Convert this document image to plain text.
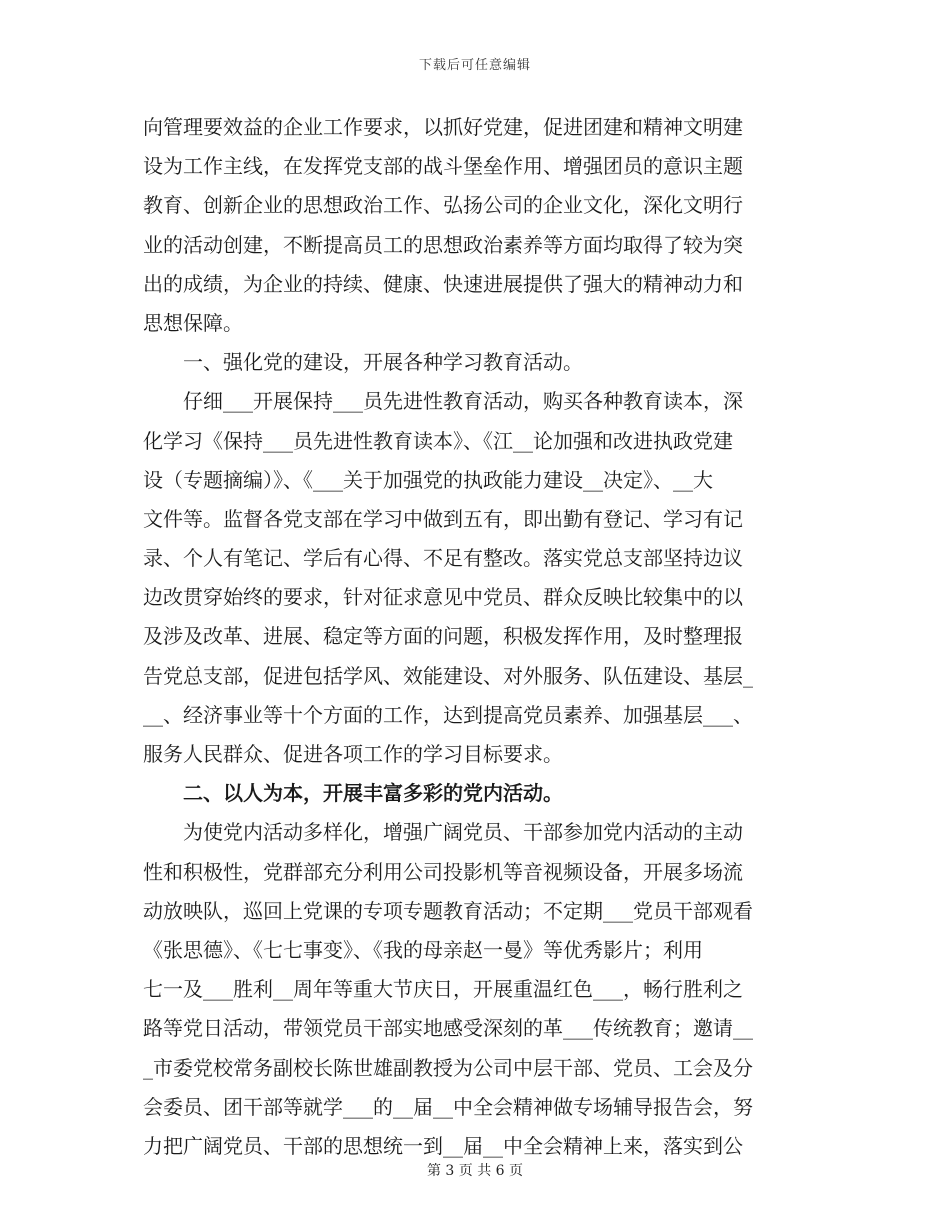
下载后可任意编辑
向管理要效益的企业工作要求，以抓好党建，促进团建和精神文明建
设为工作主线，在发挥党支部的战斗堡垒作用、增强团员的意识主题
教育、创新企业的思想政治工作、弘扬公司的企业文化，深化文明行
业的活动创建，不断提高员工的思想政治素养等方面均取得了较为突
出的成绩，为企业的持续、健康、快速进展提供了强大的精神动力和
思想保障。
　　一、强化党的建设，开展各种学习教育活动。
　　仔细___开展保持___员先进性教育活动，购买各种教育读本，深
化学习《保持___员先进性教育读本》、《江__论加强和改进执政党建
设（专题摘编）》、《___关于加强党的执政能力建设__决定》、__大
文件等。监督各党支部在学习中做到五有，即出勤有登记、学习有记
录、个人有笔记、学后有心得、不足有整改。落实党总支部坚持边议
边改贯穿始终的要求，针对征求意见中党员、群众反映比较集中的以
及涉及改革、进展、稳定等方面的问题，积极发挥作用，及时整理报
告党总支部，促进包括学风、效能建设、对外服务、队伍建设、基层_
__、经济事业等十个方面的工作，达到提高党员素养、加强基层___、
服务人民群众、促进各项工作的学习目标要求。
　　二、以人为本，开展丰富多彩的党内活动。
　　为使党内活动多样化，增强广阔党员、干部参加党内活动的主动
性和积极性，党群部充分利用公司投影机等音视频设备，开展多场流
动放映队，巡回上党课的专项专题教育活动；不定期___党员干部观看
《张思德》、《七七事变》、《我的母亲赵一曼》等优秀影片；利用
七一及___胜利__周年等重大节庆日，开展重温红色___，畅行胜利之
路等党日活动，带领党员干部实地感受深刻的革___传统教育；邀请__
_市委党校常务副校长陈世雄副教授为公司中层干部、党员、工会及分
会委员、团干部等就学___的__届__中全会精神做专场辅导报告会，努
力把广阔党员、干部的思想统一到__届__中全会精神上来，落实到公
第 3 页 共 6 页
